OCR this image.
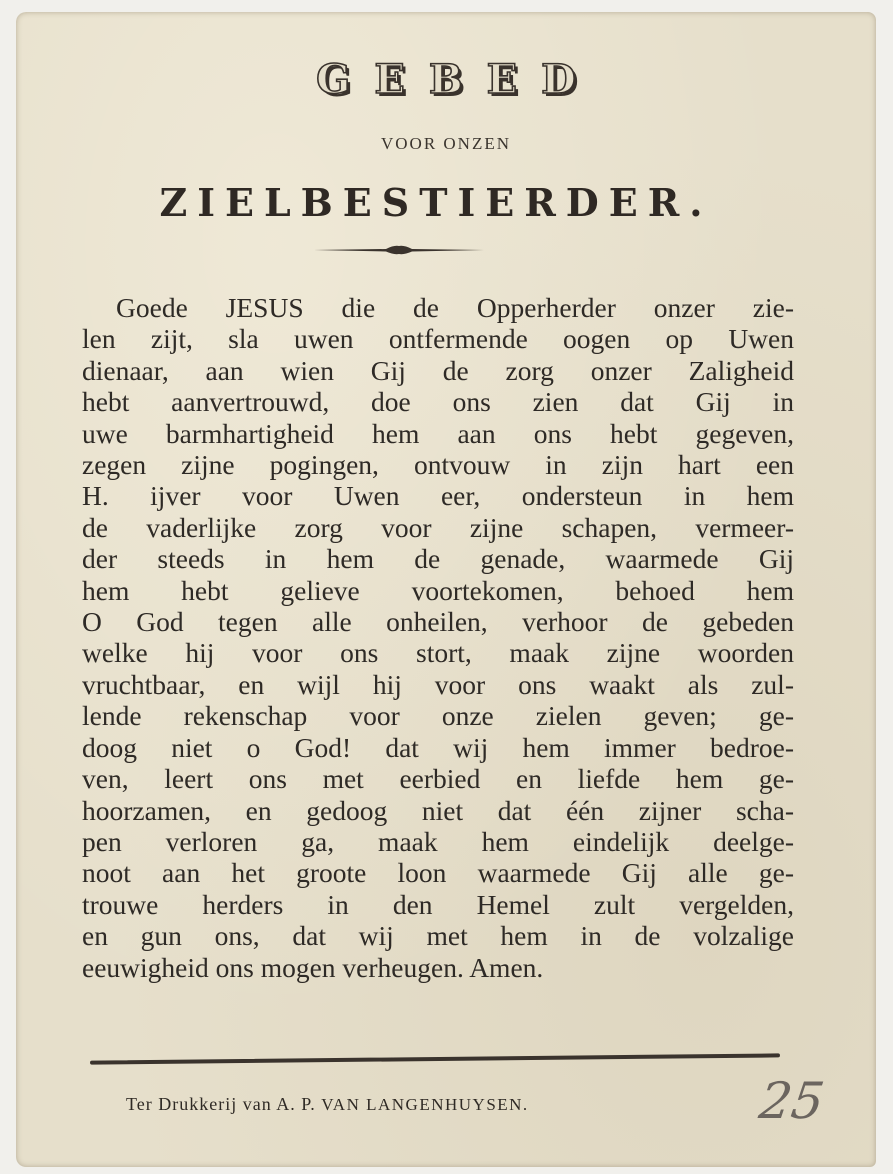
GEBED
VOOR ONZEN
ZIELBESTIERDER.
Goede JESUS die de Opperherder onzer zie-
len zijt, sla uwen ontfermende oogen op Uwen
dienaar, aan wien Gij de zorg onzer Zaligheid
hebt aanvertrouwd, doe ons zien dat Gij in
uwe barmhartigheid hem aan ons hebt gegeven,
zegen zijne pogingen, ontvouw in zijn hart een
H. ijver voor Uwen eer, ondersteun in hem
de vaderlijke zorg voor zijne schapen, vermeer-
der steeds in hem de genade, waarmede Gij
hem hebt gelieve voortekomen, behoed hem
O God tegen alle onheilen, verhoor de gebeden
welke hij voor ons stort, maak zijne woorden
vruchtbaar, en wijl hij voor ons waakt als zul-
lende rekenschap voor onze zielen geven; ge-
doog niet o God! dat wij hem immer bedroe-
ven, leert ons met eerbied en liefde hem ge-
hoorzamen, en gedoog niet dat één zijner scha-
pen verloren ga, maak hem eindelijk deelge-
noot aan het groote loon waarmede Gij alle ge-
trouwe herders in den Hemel zult vergelden,
en gun ons, dat wij met hem in de volzalige
eeuwigheid ons mogen verheugen. Amen.
Ter Drukkerij van A. P. VAN LANGENHUYSEN.	25
